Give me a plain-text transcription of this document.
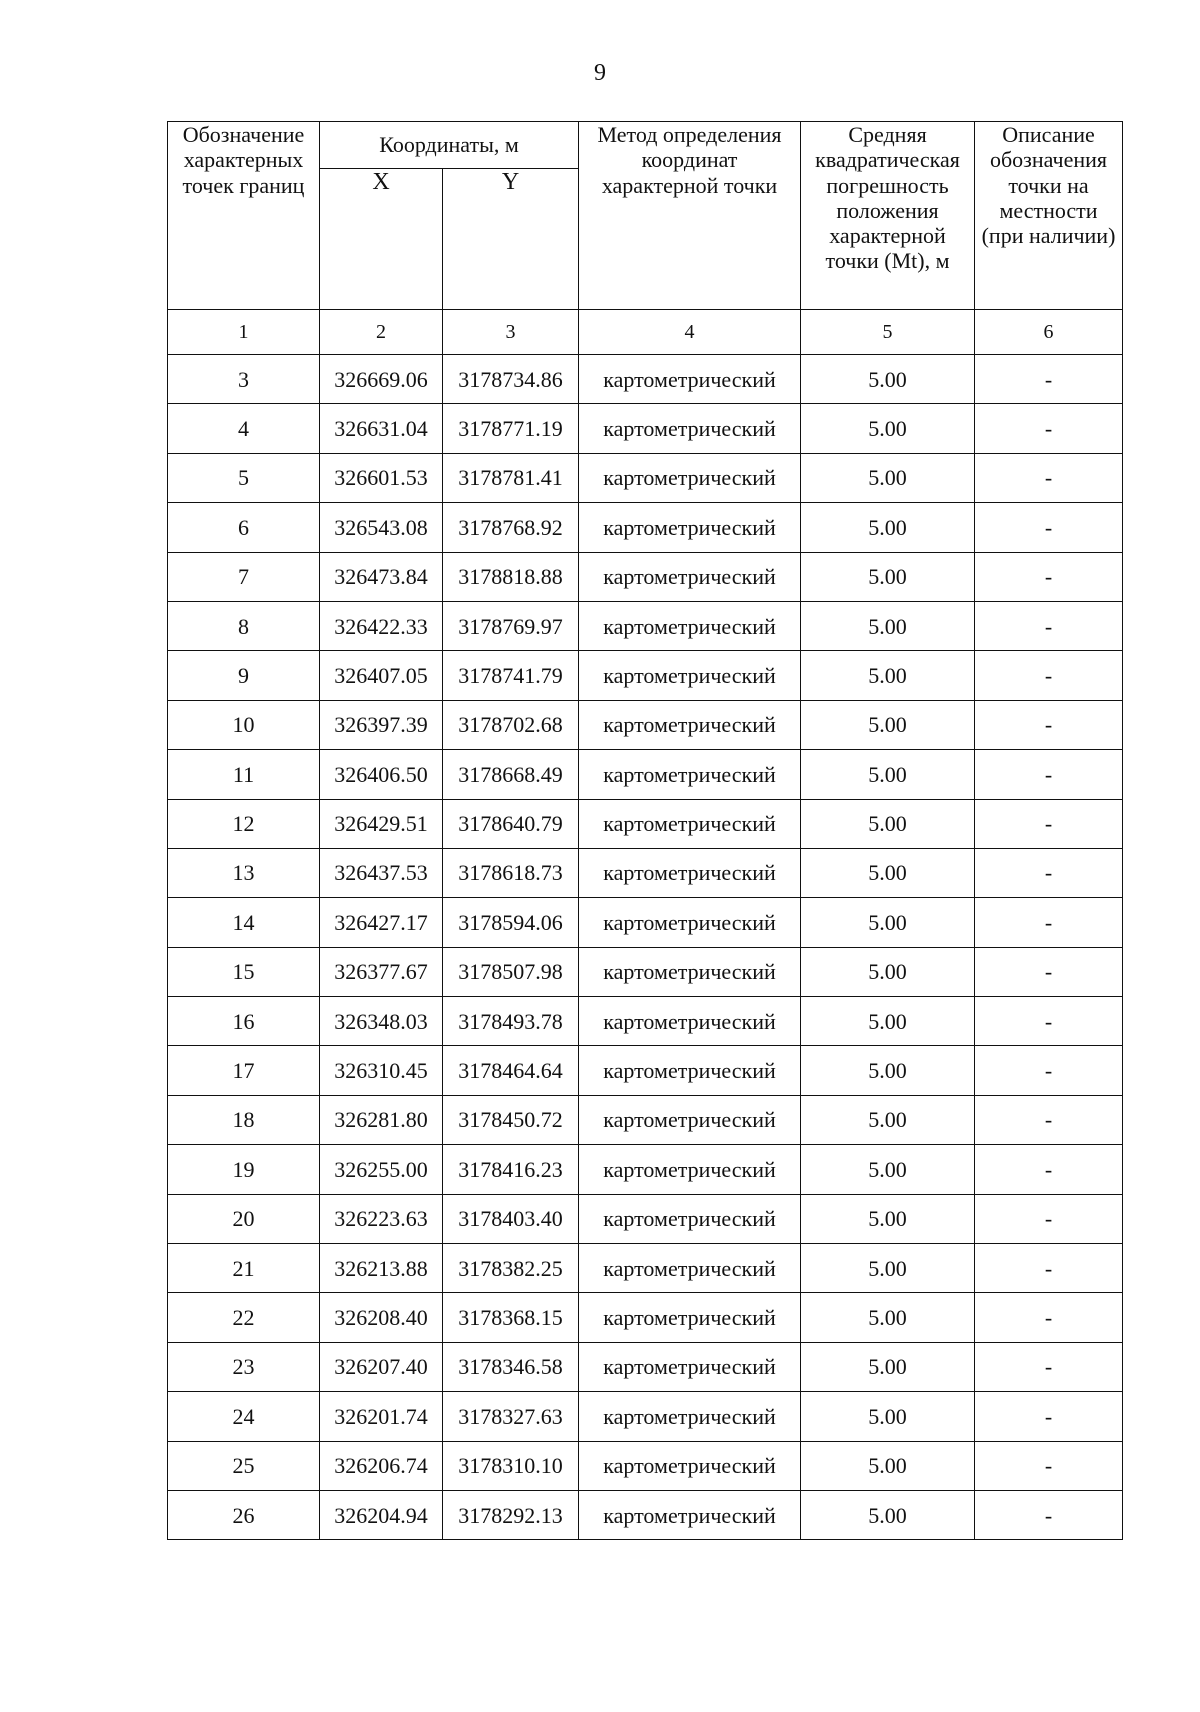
9
Обозначение характерных точек границ	Координаты, м		Метод определения координат характерной точки	Средняя квадратическая погрешность положения характерной точки (Mt), м	Описание обозначения точки на местности (при наличии)
	X	Y			
1	2	3	4	5	6
3	326669.06	3178734.86	картометрический	5.00	-
4	326631.04	3178771.19	картометрический	5.00	-
5	326601.53	3178781.41	картометрический	5.00	-
6	326543.08	3178768.92	картометрический	5.00	-
7	326473.84	3178818.88	картометрический	5.00	-
8	326422.33	3178769.97	картометрический	5.00	-
9	326407.05	3178741.79	картометрический	5.00	-
10	326397.39	3178702.68	картометрический	5.00	-
11	326406.50	3178668.49	картометрический	5.00	-
12	326429.51	3178640.79	картометрический	5.00	-
13	326437.53	3178618.73	картометрический	5.00	-
14	326427.17	3178594.06	картометрический	5.00	-
15	326377.67	3178507.98	картометрический	5.00	-
16	326348.03	3178493.78	картометрический	5.00	-
17	326310.45	3178464.64	картометрический	5.00	-
18	326281.80	3178450.72	картометрический	5.00	-
19	326255.00	3178416.23	картометрический	5.00	-
20	326223.63	3178403.40	картометрический	5.00	-
21	326213.88	3178382.25	картометрический	5.00	-
22	326208.40	3178368.15	картометрический	5.00	-
23	326207.40	3178346.58	картометрический	5.00	-
24	326201.74	3178327.63	картометрический	5.00	-
25	326206.74	3178310.10	картометрический	5.00	-
26	326204.94	3178292.13	картометрический	5.00	-
